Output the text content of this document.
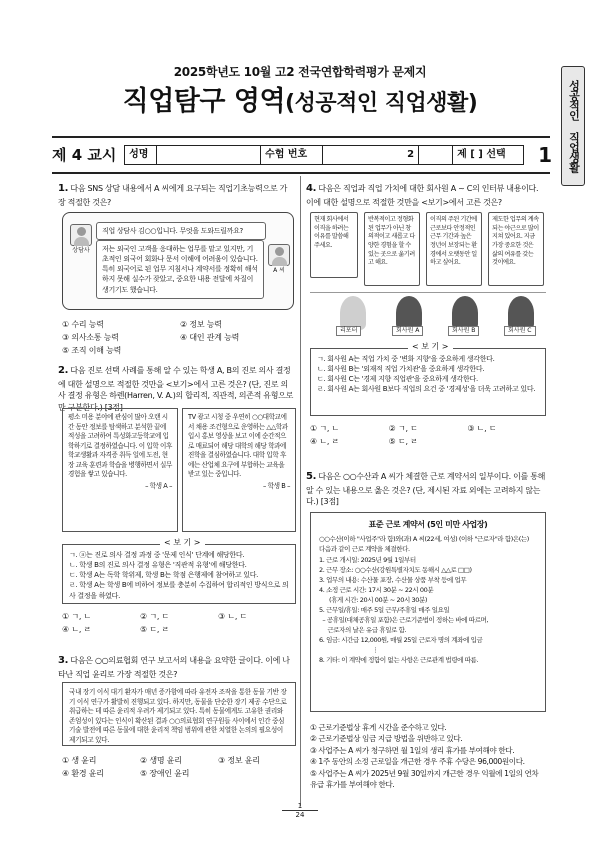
2025학년도 10월 고2 전국연합학력평가 문제지
직업탐구 영역(성공적인 직업생활)	성공적인 직업생활
제 4 교시	성명	수험 번호	2	제 [ ] 선택	1
1. 다음 SNS 상담 내용에서 A 씨에게 요구되는 직업기초능력으로 가장 적절한 것은?
상담사
직업 상담사 김○○입니다. 무엇을 도와드릴까요?
A 씨
저는 외국인 고객을 응대하는 업무를 맡고 있지만, 기초적인 외국어 회화나 문서 이해에 어려움이 있습니다. 특히 외국어로 된 업무 지침서나 계약서를 정확히 해석하지 못해 실수가 잦았고, 중요한 내용 전달에 차질이 생기기도 했습니다.
① 수리 능력	② 정보 능력
③ 의사소통 능력	④ 대인 관계 능력
⑤ 조직 이해 능력
2. 다음 진로 선택 사례를 통해 알 수 있는 학생 A, B의 진로 의사 결정에 대한 설명으로 적절한 것만을 <보기>에서 고른 것은? (단, 진로 의사 결정 유형은 하렌(Harren, V. A.)의 합리적, 직관적, 의존적 유형으로만 구분한다.) [3점]
평소 미용 분야에 관심이 많아 오랜 시간 동안 정보를 탐색하고 분석한 끝에 적성을 고려하여 특성화고등학교에 입학하기로 결정하였습니다. 이 입학 이후 학교생활과 자격증 취득 일에 도전, 현장 교육 훈련과 학습을 병행하면서 실무 경험을 쌓고 있습니다.
– 학생 A –
TV 광고 시청 중 우연히 ○○대학교에서 채용 조건형으로 운영하는 △△학과 입시 홍보 영상을 보고 이에 순간적으로 매료되어 해당 대학의 해당 학과에 진학을 결심하였습니다. 대학 입학 후에는 산업체 요구에 부합하는 교육을 받고 있는 중입니다.
– 학생 B –
ㄱ. ⓐ는 진로 의사 결정 과정 중 '문제 인식' 단계에 해당한다.
ㄴ. 학생 B의 진로 의사 결정 유형은 '직관적 유형'에 해당한다.
ㄷ. 학생 A는 독학 학위제, 학생 B는 학점 은행제에 참여하고 있다.
ㄹ. 학생 A는 학생 B에 비하여 정보를 충분히 수집하여 합리적인 방식으로 의사 결정을 하였다.
< 보 기 >
① ㄱ, ㄴ	② ㄱ, ㄷ	③ ㄴ, ㄷ
④ ㄴ, ㄹ	⑤ ㄷ, ㄹ
3. 다음은 ○○의료협회 연구 보고서의 내용을 요약한 글이다. 이에 나타난 직업 윤리로 가장 적절한 것은?
국내 장기 이식 대기 환자가 매년 증가함에 따라 유전자 조작을 통한 동물 기반 장기 이식 연구가 활발히 진행되고 있다. 하지만, 동물을 단순한 장기 제공 수단으로 취급하는 데 따른 윤리적 우려가 제기되고 있다. 특히 동물에게도 고유한 권리와 존엄성이 있다는 인식이 확산된 결과 ○○의료협회 연구원들 사이에서 인간 중심 기술 발전에 따른 동물에 대한 윤리적 책임 범위에 관한 치열한 논의의 필요성이 제기되고 있다.
① 생 윤리	② 생명 윤리	③ 정보 윤리
④ 환경 윤리	⑤ 장애인 윤리
4. 다음은 직업과 직업 가치에 대한 회사원 A ~ C의 인터뷰 내용이다. 이에 대한 설명으로 적절한 것만을 <보기>에서 고른 것은?
현재 회사에서 이직을 하려는 이유를 말씀해 주세요.
반복적이고 정형화된 업무가 아닌 창의적이고 새롭고 다양한 경험을 할 수 있는 곳으로 옮기려고 해요.
이직의 주된 기간에 근로보다 안정적인 근무 기간과 높은 정년이 보장되는 환경에서 오랫동안 일하고 싶어요.
제도한 업무의 계속 되는 야근으로 많이 지쳐 있어요. 지금 가장 중요한 것은 삶의 여유를 갖는 것이에요.
리포터	회사원 A	회사원 B	회사원 C
ㄱ. 회사원 A는 직업 가치 중 '변화 지향'을 중요하게 생각한다.
ㄴ. 회사원 B는 '외재적 직업 가치관'을 중요하게 생각한다.
ㄷ. 회사원 C는 '경제 지향 직업관'을 중요하게 생각한다.
ㄹ. 회사원 A는 회사원 B보다 직업의 요건 중 '경제성'을 더욱 고려하고 있다.
< 보 기 >
① ㄱ, ㄴ	② ㄱ, ㄷ	③ ㄴ, ㄷ
④ ㄴ, ㄹ	⑤ ㄷ, ㄹ
5. 다음은 ○○수산과 A 씨가 체결한 근로 계약서의 일부이다. 이를 통해 알 수 있는 내용으로 옳은 것은? (단, 제시된 자료 외에는 고려하지 않는다.) [3점]
표준 근로 계약서 (5인 미만 사업장)
○○수산(이하 "사업주"라 함)와(과) A 씨(22세, 여성) (이하 "근로자"라 함)은(는)
다음과 같이 근로 계약을 체결한다.
1. 근로 개시일: 2025년 9월 1일부터
2. 근무 장소: ○○수산(강원특별자치도 동해시 △△로 □□)
3. 업무의 내용: 수산물 포장, 수산물 상품 부착 등에 업무
4. 소정 근로 시간: 17시 30분 ~ 22시 00분
(휴게 시간: 20시 00분 ~ 20시 30분)
5. 근무일/휴일: 매주 5일 근무/주휴일 매주 일요일
– 공휴일(대체공휴일 포함)은 근로기준법이 정하는 바에 따르며,
근로자의 날은 유급 휴일로 함.
6. 임금: 시간급 12,000원, 매월 25일 근로자 명의 계좌에 입금
⋮
8. 기타: 이 계약에 정함이 없는 사항은 근로관계 법령에 따름.
① 근로기준법상 휴게 시간을 준수하고 있다.
② 근로기준법상 임금 지급 방법을 위반하고 있다.
③ 사업주는 A 씨가 청구하면 월 1일의 생리 휴가를 부여해야 한다.
④ 1주 동안의 소정 근로일을 개근한 경우 주휴 수당은 96,000원이다.
⑤ 사업주는 A 씨가 2025년 9월 30일까지 개근한 경우 익월에 1일의 연차 유급 휴가를 부여해야 한다.
1
24
